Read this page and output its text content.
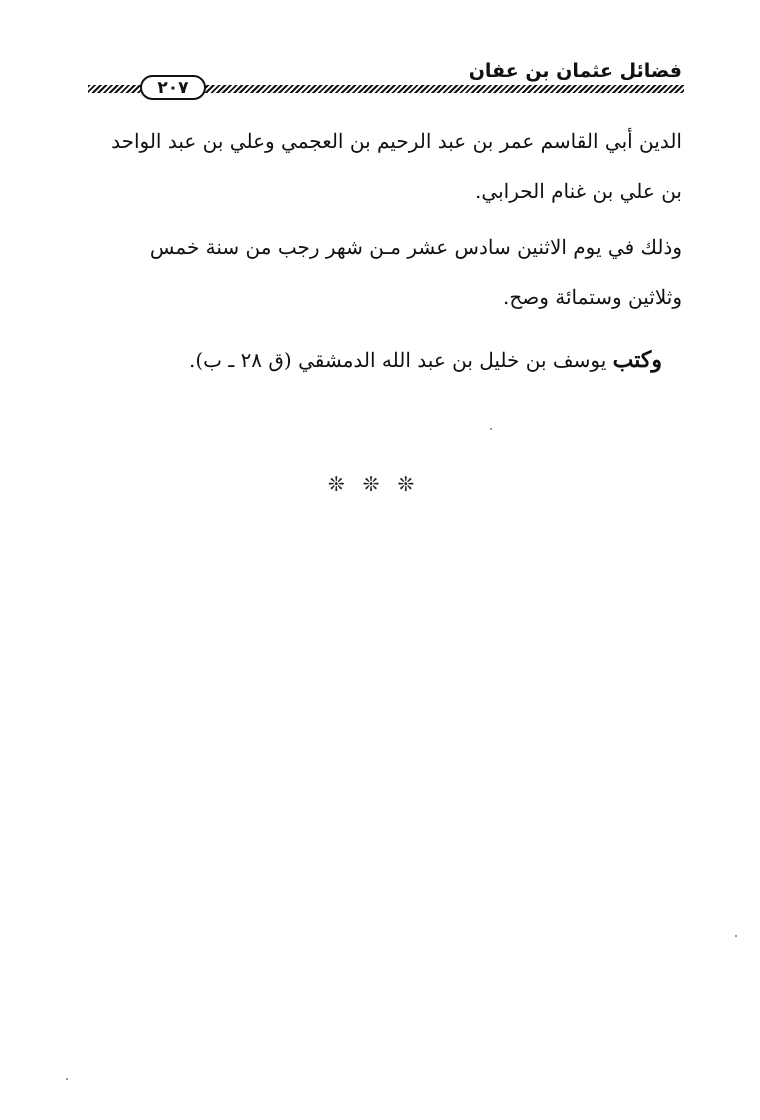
فضائل عثمان بن عفان
٢٠٧

الدين أبي القاسم عمر بن عبد الرحيم بن العجمي وعلي بن عبد الواحد بن علي بن غنام الحرابي.

وذلك في يوم الاثنين سادس عشر مـن شهر رجب من سنة خمس وثلاثين وستمائة وصح.

وكتب يوسف بن خليل بن عبد الله الدمشقي (ق ٢٨ ـ ب).
❊❊❊
